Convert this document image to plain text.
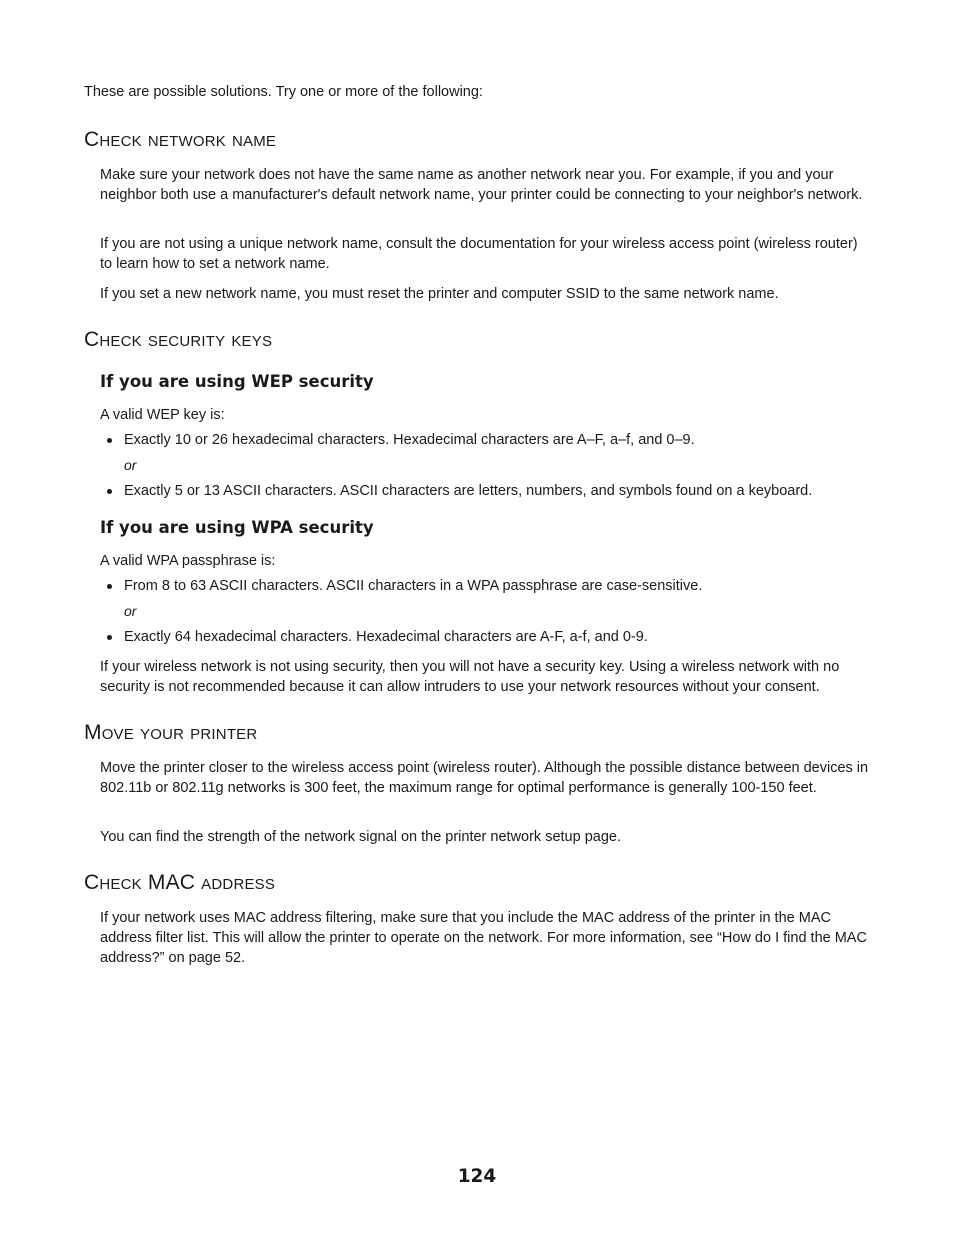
These are possible solutions. Try one or more of the following:
Check network name

Make sure your network does not have the same name as another network near you. For example, if you and your neighbor both use a manufacturer's default network name, your printer could be connecting to your neighbor's network.

If you are not using a unique network name, consult the documentation for your wireless access point (wireless router) to learn how to set a network name.

If you set a new network name, you must reset the printer and computer SSID to the same network name.

Check security keys
If you are using WEP security

A valid WEP key is:

Exactly 10 or 26 hexadecimal characters. Hexadecimal characters are A–F, a–f, and 0–9.

or

Exactly 5 or 13 ASCII characters. ASCII characters are letters, numbers, and symbols found on a keyboard.
If you are using WPA security

A valid WPA passphrase is:

From 8 to 63 ASCII characters. ASCII characters in a WPA passphrase are case-sensitive.

or

Exactly 64 hexadecimal characters. Hexadecimal characters are A-F, a-f, and 0-9.

If your wireless network is not using security, then you will not have a security key. Using a wireless network with no security is not recommended because it can allow intruders to use your network resources without your consent.

Move your printer

Move the printer closer to the wireless access point (wireless router). Although the possible distance between devices in 802.11b or 802.11g networks is 300 feet, the maximum range for optimal performance is generally 100-150 feet.

You can find the strength of the network signal on the printer network setup page.

Check MAC address

If your network uses MAC address filtering, make sure that you include the MAC address of the printer in the MAC address filter list. This will allow the printer to operate on the network. For more information, see “How do I find the MAC address?” on page 52.

124
